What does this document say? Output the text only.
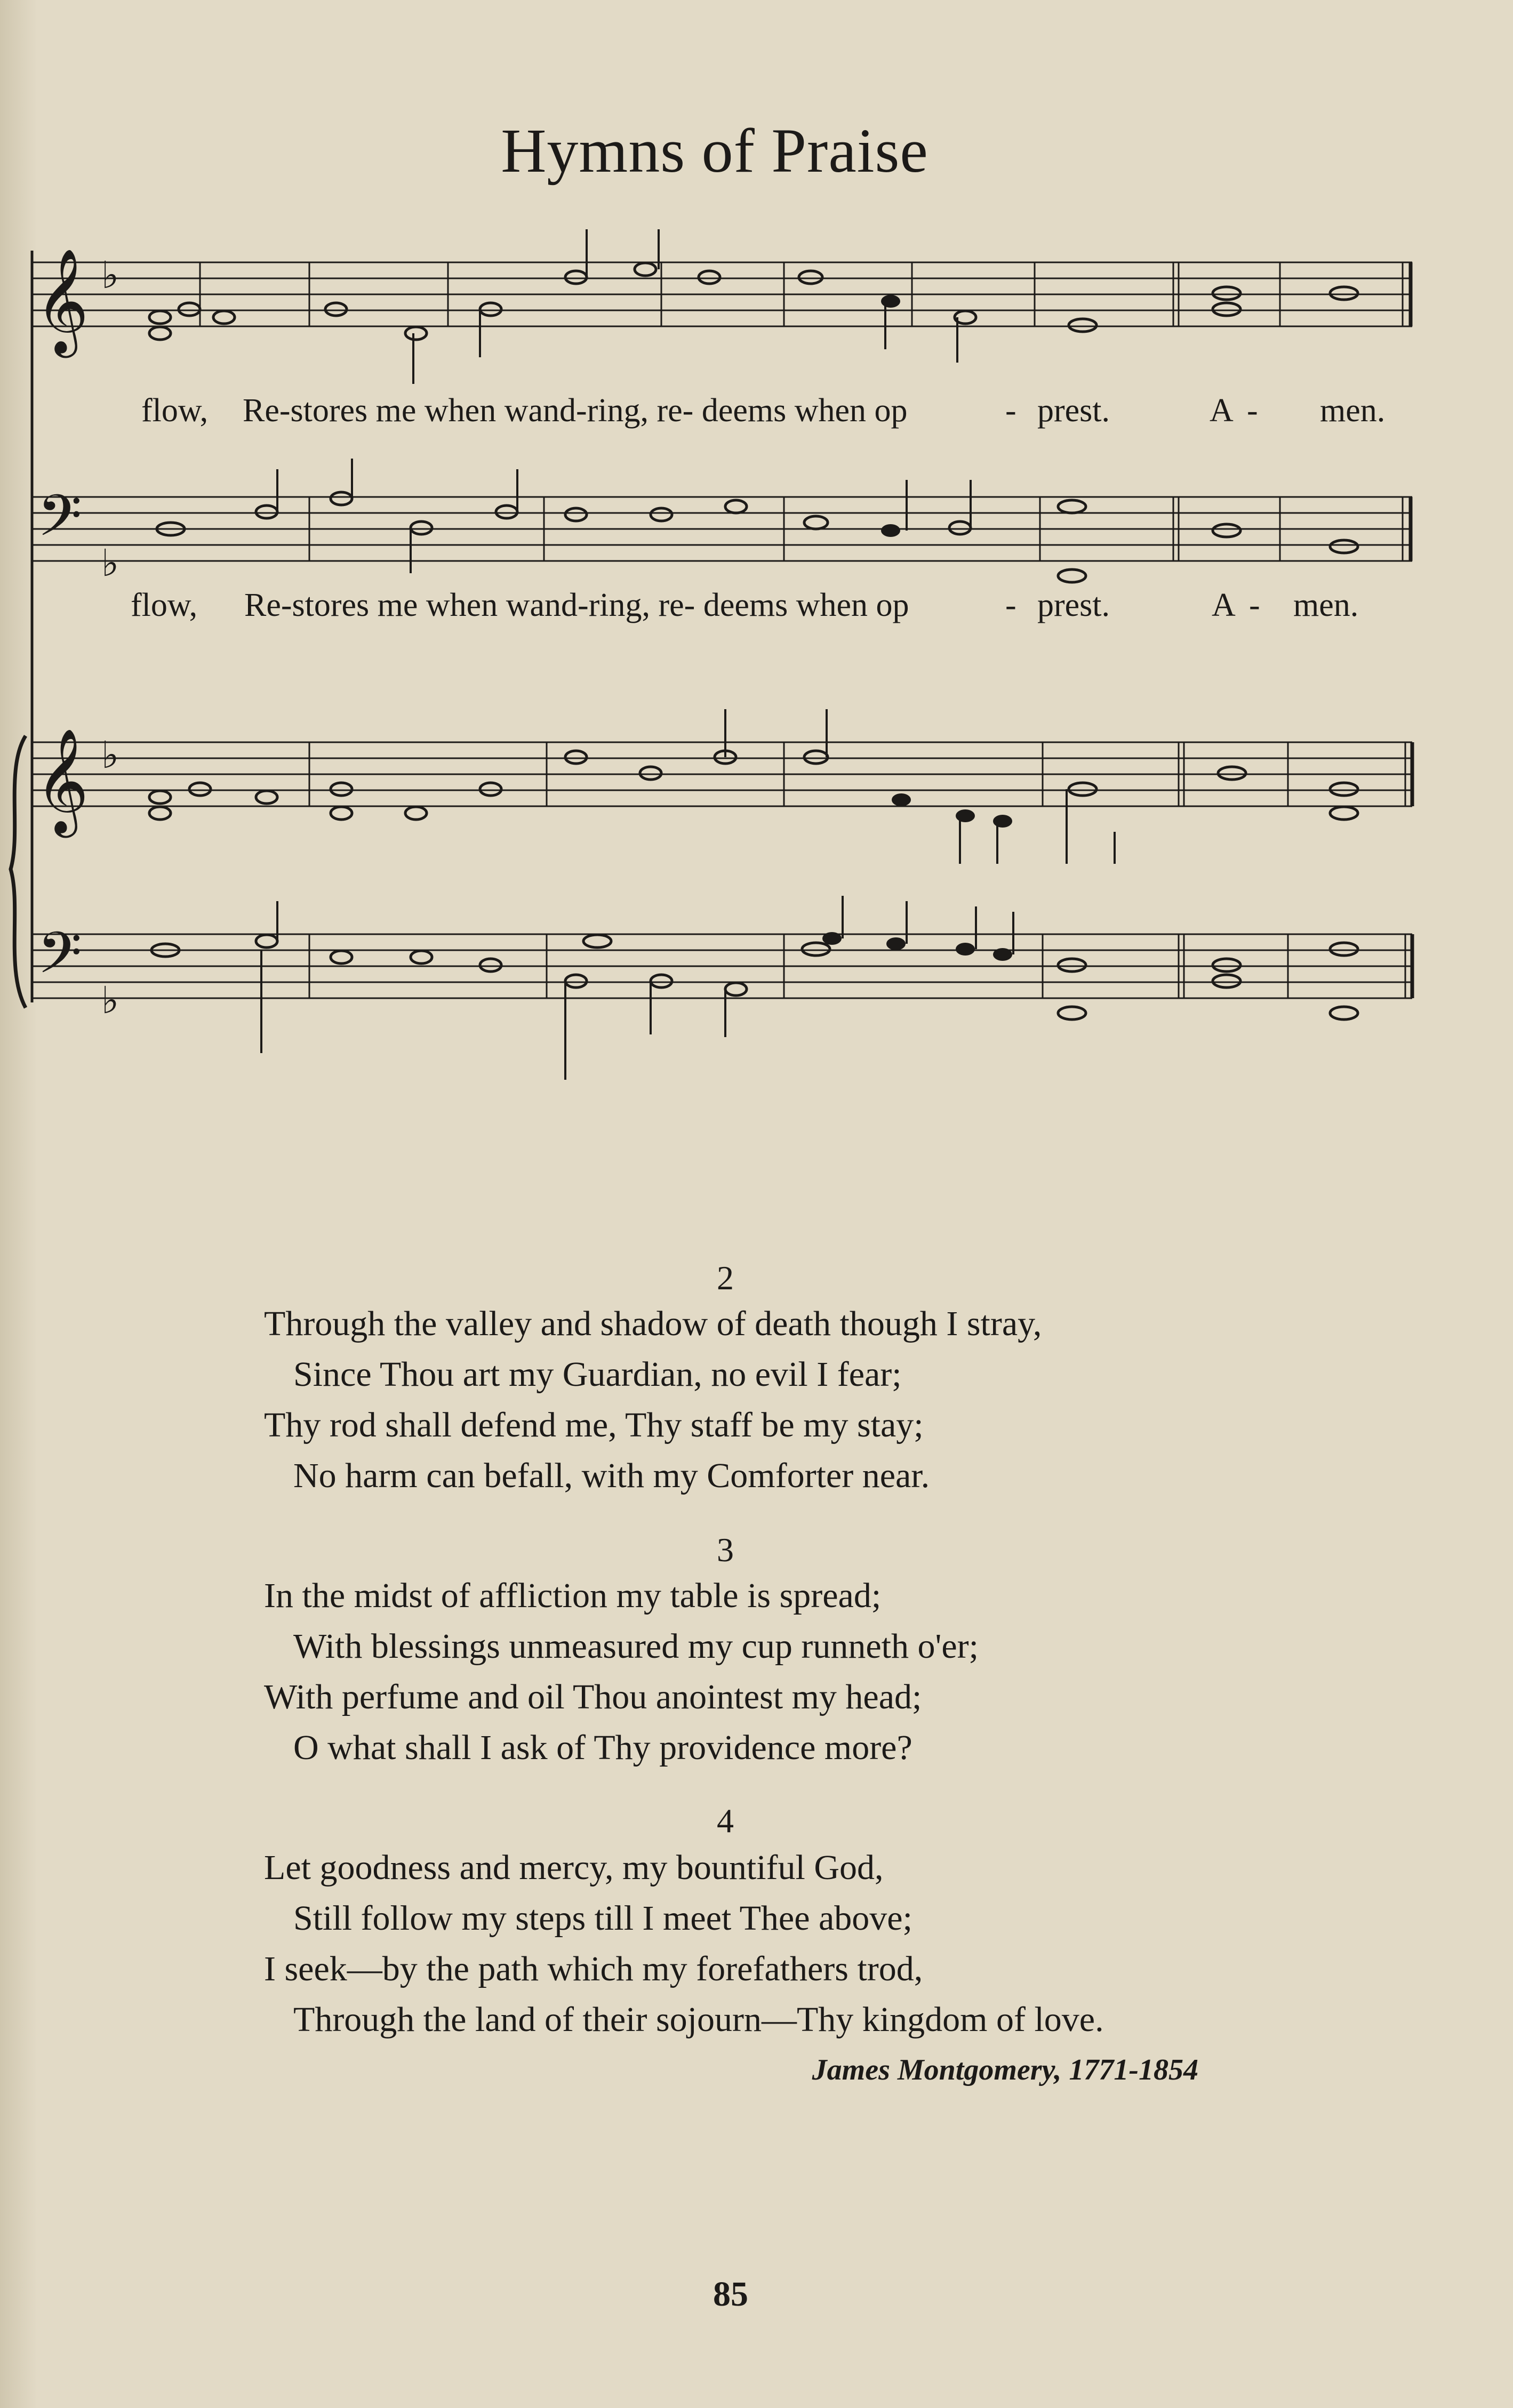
Hymns of Praise
𝄞
𝄢
𝄞
𝄢
♭
♭
♭
♭
flow, Re-stores me when wand-ring, re- deems when op	- prest.	A - men.
flow, Re-stores me when wand-ring, re- deems when op	- prest.	A - men.
2
Through the valley and shadow of death though I stray,
Since Thou art my Guardian, no evil I fear;
Thy rod shall defend me, Thy staff be my stay;
No harm can befall, with my Comforter near.
3
In the midst of affliction my table is spread;
With blessings unmeasured my cup runneth o'er;
With perfume and oil Thou anointest my head;
O what shall I ask of Thy providence more?
4
Let goodness and mercy, my bountiful God,
Still follow my steps till I meet Thee above;
I seek—by the path which my forefathers trod,
Through the land of their sojourn—Thy kingdom of love.
James Montgomery, 1771-1854
85
